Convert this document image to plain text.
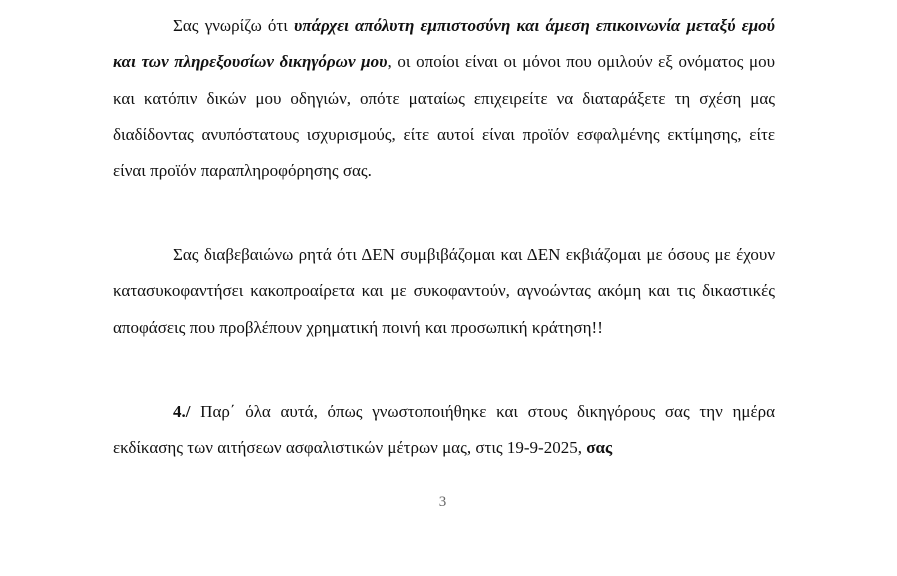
Σας γνωρίζω ότι υπάρχει απόλυτη εμπιστοσύνη και άμεση επικοινωνία μεταξύ εμού και των πληρεξουσίων δικηγόρων μου, οι οποίοι είναι οι μόνοι που ομιλούν εξ ονόματος μου και κατόπιν δικών μου οδηγιών, οπότε ματαίως επιχειρείτε να διαταράξετε τη σχέση μας διαδίδοντας ανυπόστατους ισχυρισμούς, είτε αυτοί είναι προϊόν εσφαλμένης εκτίμησης, είτε είναι προϊόν παραπληροφόρησης σας.

Σας διαβεβαιώνω ρητά ότι ΔΕΝ συμβιβάζομαι και ΔΕΝ εκβιάζομαι με όσους με έχουν κατασυκοφαντήσει κακοπροαίρετα και με συκοφαντούν, αγνοώντας ακόμη και τις δικαστικές αποφάσεις που προβλέπουν χρηματική ποινή και προσωπική κράτηση!!

4./ Παρ΄ όλα αυτά, όπως γνωστοποιήθηκε και στους δικηγόρους σας την ημέρα εκδίκασης των αιτήσεων ασφαλιστικών μέτρων μας, στις 19-9-2025, σας

3
